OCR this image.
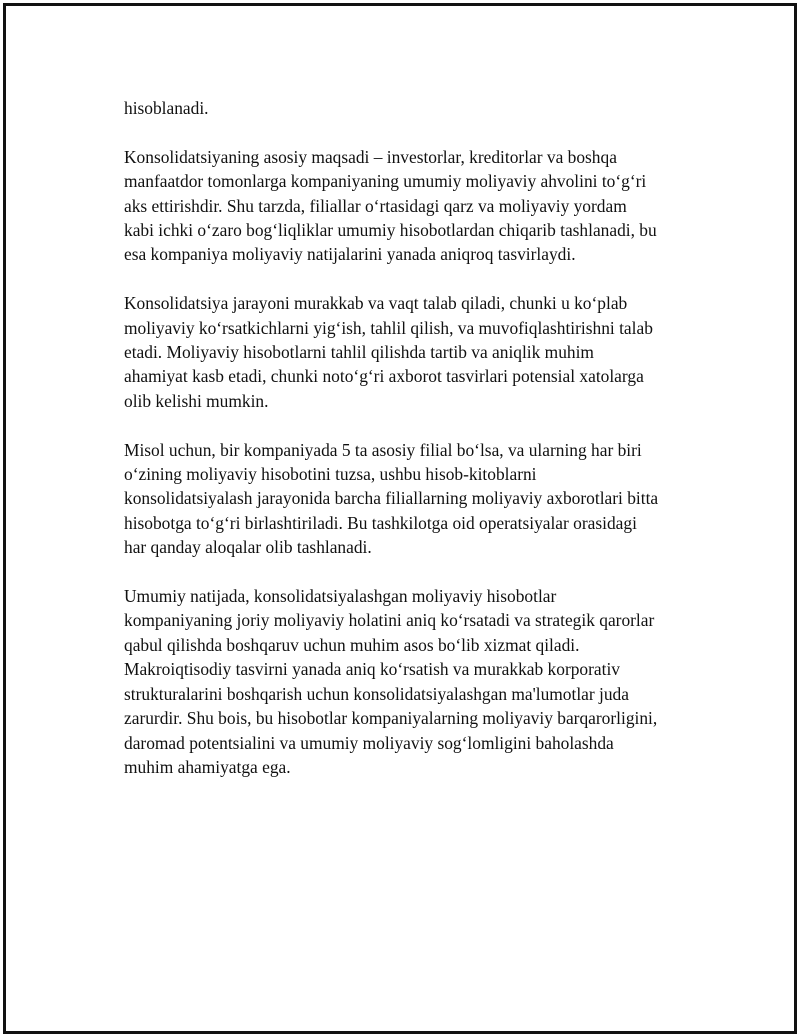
hisoblanadi.

Konsolidatsiyaning asosiy maqsadi – investorlar, kreditorlar va boshqa
manfaatdor tomonlarga kompaniyaning umumiy moliyaviy ahvolini to‘g‘ri
aks ettirishdir. Shu tarzda, filiallar o‘rtasidagi qarz va moliyaviy yordam
kabi ichki o‘zaro bog‘liqliklar umumiy hisobotlardan chiqarib tashlanadi, bu
esa kompaniya moliyaviy natijalarini yanada aniqroq tasvirlaydi.

Konsolidatsiya jarayoni murakkab va vaqt talab qiladi, chunki u ko‘plab
moliyaviy ko‘rsatkichlarni yig‘ish, tahlil qilish, va muvofiqlashtirishni talab
etadi. Moliyaviy hisobotlarni tahlil qilishda tartib va aniqlik muhim
ahamiyat kasb etadi, chunki noto‘g‘ri axborot tasvirlari potensial xatolarga
olib kelishi mumkin.

Misol uchun, bir kompaniyada 5 ta asosiy filial bo‘lsa, va ularning har biri
o‘zining moliyaviy hisobotini tuzsa, ushbu hisob-kitoblarni
konsolidatsiyalash jarayonida barcha filiallarning moliyaviy axborotlari bitta
hisobotga to‘g‘ri birlashtiriladi. Bu tashkilotga oid operatsiyalar orasidagi
har qanday aloqalar olib tashlanadi.

Umumiy natijada, konsolidatsiyalashgan moliyaviy hisobotlar
kompaniyaning joriy moliyaviy holatini aniq ko‘rsatadi va strategik qarorlar
qabul qilishda boshqaruv uchun muhim asos bo‘lib xizmat qiladi.
Makroiqtisodiy tasvirni yanada aniq ko‘rsatish va murakkab korporativ
strukturalarini boshqarish uchun konsolidatsiyalashgan ma'lumotlar juda
zarurdir. Shu bois, bu hisobotlar kompaniyalarning moliyaviy barqarorligini,
daromad potentsialini va umumiy moliyaviy sog‘lomligini baholashda
muhim ahamiyatga ega.
